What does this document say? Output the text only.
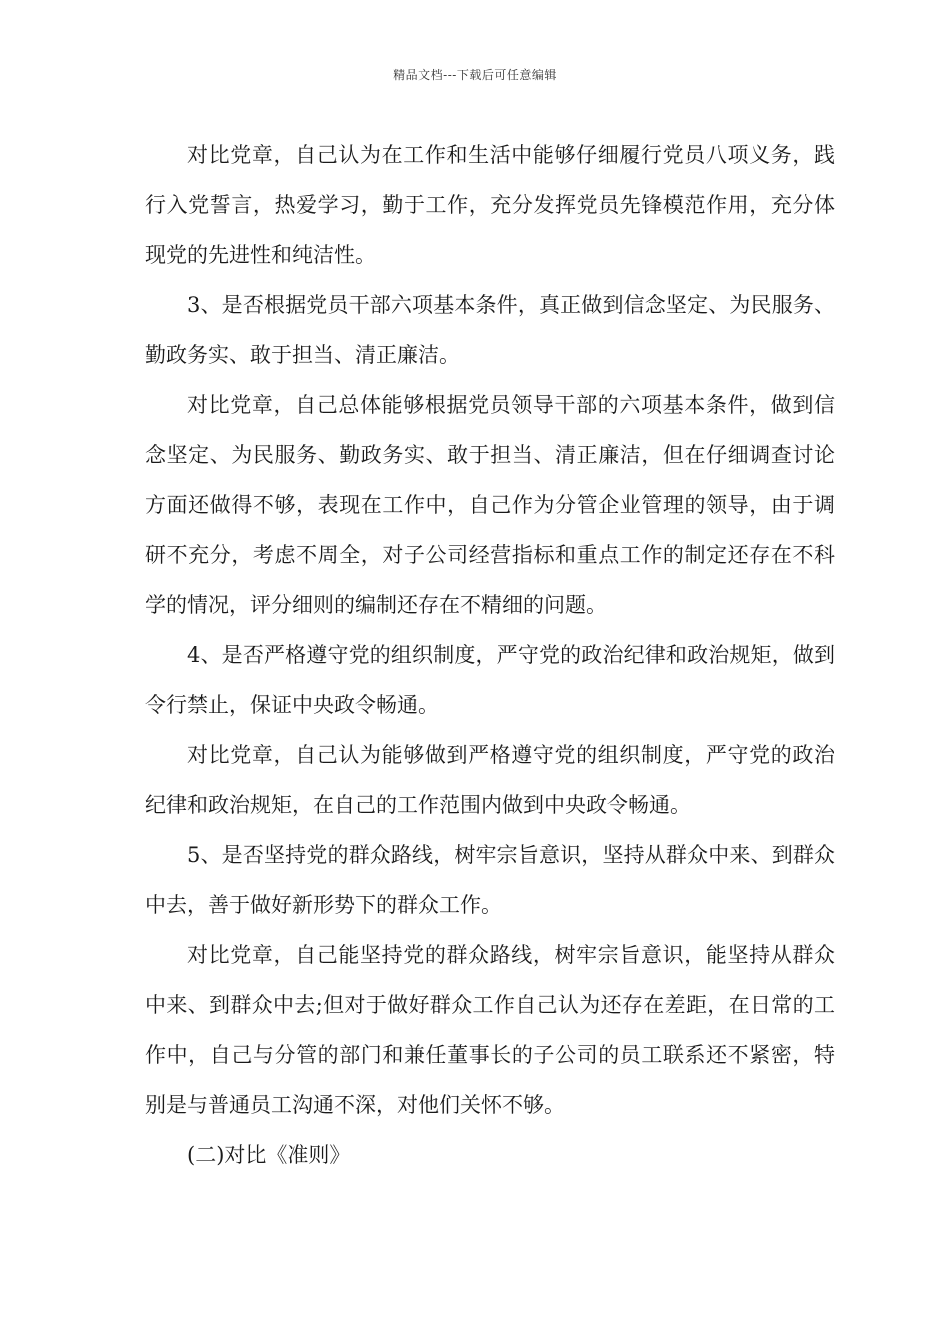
精品文档---下载后可任意编辑

对比党章，自己认为在工作和生活中能够仔细履行党员八项义务，践行入党誓言，热爱学习，勤于工作，充分发挥党员先锋模范作用，充分体现党的先进性和纯洁性。

3、是否根据党员干部六项基本条件，真正做到信念坚定、为民服务、勤政务实、敢于担当、清正廉洁。

对比党章，自己总体能够根据党员领导干部的六项基本条件，做到信念坚定、为民服务、勤政务实、敢于担当、清正廉洁，但在仔细调查讨论方面还做得不够，表现在工作中，自己作为分管企业管理的领导，由于调研不充分，考虑不周全，对子公司经营指标和重点工作的制定还存在不科学的情况，评分细则的编制还存在不精细的问题。

4、是否严格遵守党的组织制度，严守党的政治纪律和政治规矩，做到令行禁止，保证中央政令畅通。

对比党章，自己认为能够做到严格遵守党的组织制度，严守党的政治纪律和政治规矩，在自己的工作范围内做到中央政令畅通。

5、是否坚持党的群众路线，树牢宗旨意识，坚持从群众中来、到群众中去，善于做好新形势下的群众工作。

对比党章，自己能坚持党的群众路线，树牢宗旨意识，能坚持从群众中来、到群众中去;但对于做好群众工作自己认为还存在差距，在日常的工作中，自己与分管的部门和兼任董事长的子公司的员工联系还不紧密，特别是与普通员工沟通不深，对他们关怀不够。

(二)对比《准则》
